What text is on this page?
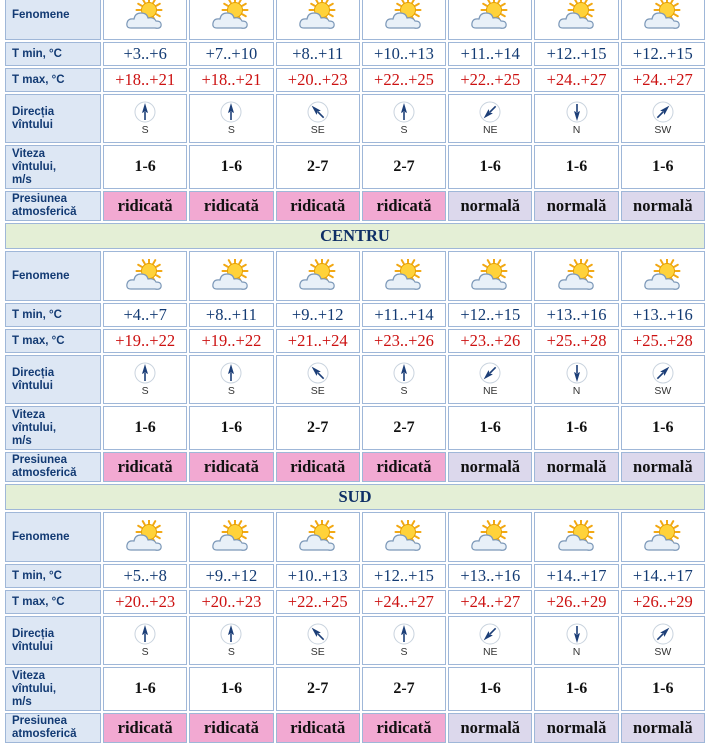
Fenomene	

T min, °C	+3..+6	+7..+10	+8..+11	+10..+13	+11..+14	+12..+15	+12..+15
T max, °C	+18..+21	+18..+21	+20..+23	+22..+25	+22..+25	+24..+27	+24..+27
Direcția
vîntului	S	S	SE	S	NE	N	SW

Viteza
vîntului,
m/s	1-6	1-6	2-7	2-7	1-6	1-6	1-6
Presiunea
atmosferică	ridicată	ridicată	ridicată	ridicată	normală	normală	normală
CENTRU							
Fenomene	

T min, °C	+4..+7	+8..+11	+9..+12	+11..+14	+12..+15	+13..+16	+13..+16
T max, °C	+19..+22	+19..+22	+21..+24	+23..+26	+23..+26	+25..+28	+25..+28
Direcția
vîntului	S	S	SE	S	NE	N	SW

Viteza
vîntului,
m/s	1-6	1-6	2-7	2-7	1-6	1-6	1-6
Presiunea
atmosferică	ridicată	ridicată	ridicată	ridicată	normală	normală	normală
SUD							
Fenomene	

T min, °C	+5..+8	+9..+12	+10..+13	+12..+15	+13..+16	+14..+17	+14..+17
T max, °C	+20..+23	+20..+23	+22..+25	+24..+27	+24..+27	+26..+29	+26..+29
Direcția
vîntului	S	S	SE	S	NE	N	SW

Viteza
vîntului,
m/s	1-6	1-6	2-7	2-7	1-6	1-6	1-6
Presiunea
atmosferică	ridicată	ridicată	ridicată	ridicată	normală	normală	normală
